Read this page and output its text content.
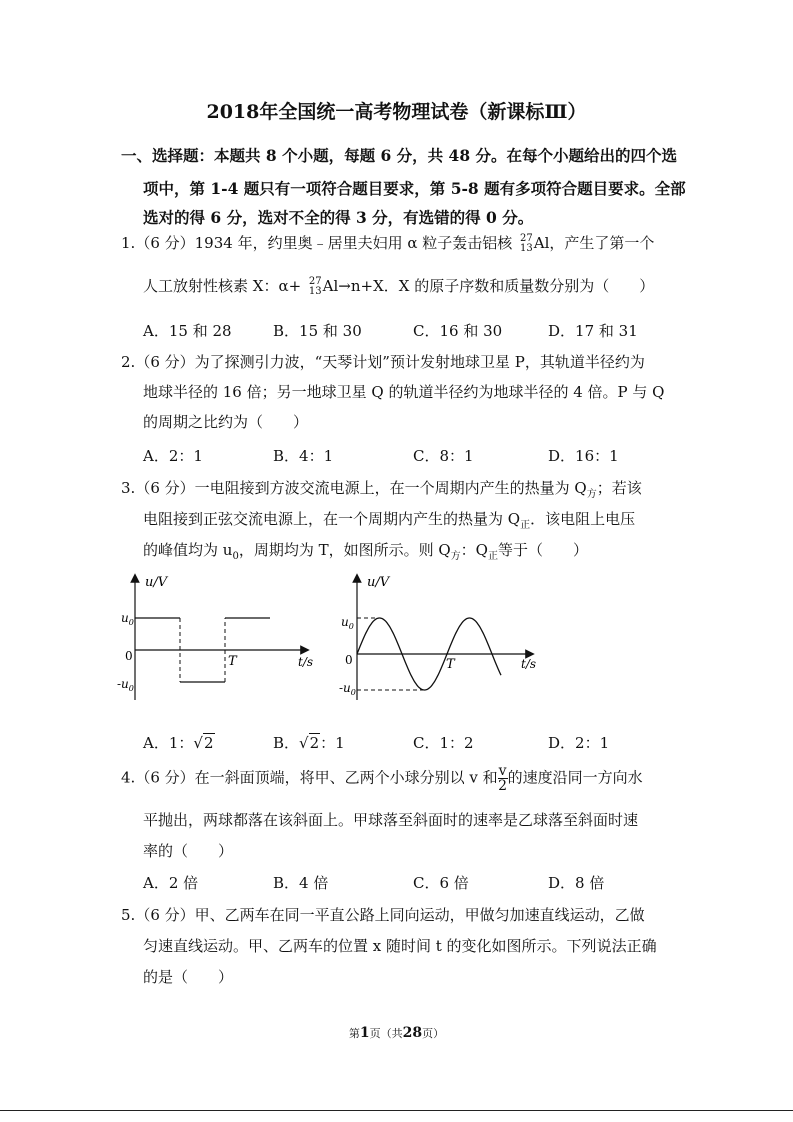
2018年全国统一高考物理试卷（新课标Ⅲ）
一、选择题：本题共 8 个小题，每题 6 分，共 48 分。在每个小题给出的四个选
项中，第 1-4 题只有一项符合题目要求，第 5-8 题有多项符合题目要求。全部
选对的得 6 分，选对不全的得 3 分，有选错的得 0 分。
1.（6 分）1934 年，约里奥﹣居里夫妇用 α 粒子轰击铝核 27
13 Al，产生了第一个
人工放射性核素 X：α+ 27
13 Al→n+X．X 的原子序数和质量数分别为（　　）
A．15 和 28	B．15 和 30	C．16 和 30	D．17 和 31
2.（6 分）为了探测引力波，“天琴计划”预计发射地球卫星 P，其轨道半径约为
地球半径的 16 倍；另一地球卫星 Q 的轨道半径约为地球半径的 4 倍。P 与 Q
的周期之比约为（　　）
A．2：1	B．4：1	C．8：1	D．16：1
3.（6 分）一电阻接到方波交流电源上，在一个周期内产生的热量为 $Q_方$；若该
电阻接到正弦交流电源上，在一个周期内产生的热量为 $Q_正$．该电阻上电压
的峰值均为 $u_0$，周期均为 T，如图所示。则 $Q_方$：$Q_正$等于（　　）
u/V
$u_0$
0
$-u_0$
T	t/s
u/V
$u_0$
0
$-u_0$
T	t/s
A．1：√2	B．√2：1	C．1：2	D．2：1
4.（6 分）在一斜面顶端，将甲、乙两个小球分别以 v 和 $\frac{v}{2}$ 的速度沿同一方向水
平抛出，两球都落在该斜面上。甲球落至斜面时的速率是乙球落至斜面时速
率的（　　）
A．2 倍	B．4 倍	C．6 倍	D．8 倍
5.（6 分）甲、乙两车在同一平直公路上同向运动，甲做匀加速直线运动，乙做
匀速直线运动。甲、乙两车的位置 x 随时间 t 的变化如图所示。下列说法正确
的是（　　）
第1页（共28页）
